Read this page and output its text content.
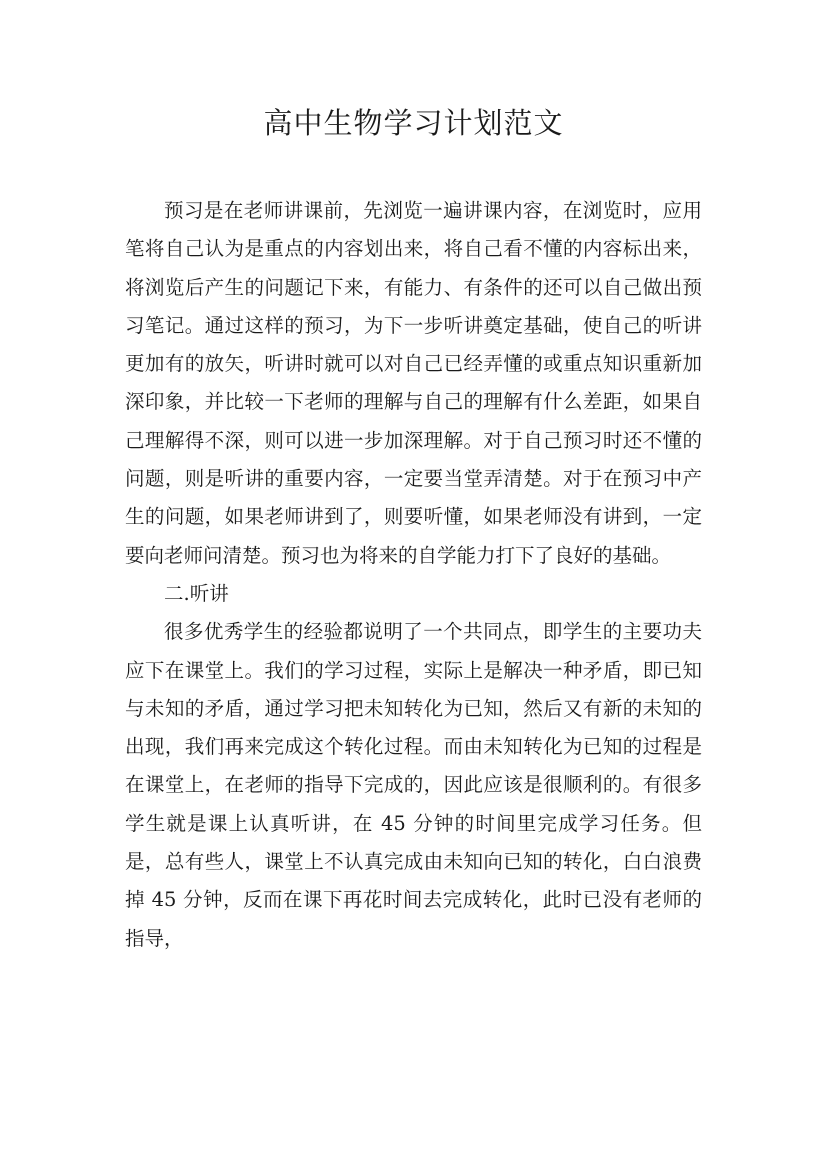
高中生物学习计划范文

预习是在老师讲课前，先浏览一遍讲课内容，在浏览时，应用笔将自己认为是重点的内容划出来，将自己看不懂的内容标出来，将浏览后产生的问题记下来，有能力、有条件的还可以自己做出预习笔记。通过这样的预习，为下一步听讲奠定基础，使自己的听讲更加有的放矢，听讲时就可以对自己已经弄懂的或重点知识重新加深印象，并比较一下老师的理解与自己的理解有什么差距，如果自己理解得不深，则可以进一步加深理解。对于自己预习时还不懂的问题，则是听讲的重要内容，一定要当堂弄清楚。对于在预习中产生的问题，如果老师讲到了，则要听懂，如果老师没有讲到，一定要向老师问清楚。预习也为将来的自学能力打下了良好的基础。

二.听讲

很多优秀学生的经验都说明了一个共同点，即学生的主要功夫应下在课堂上。我们的学习过程，实际上是解决一种矛盾，即已知与未知的矛盾，通过学习把未知转化为已知，然后又有新的未知的出现，我们再来完成这个转化过程。而由未知转化为已知的过程是在课堂上，在老师的指导下完成的，因此应该是很顺利的。有很多学生就是课上认真听讲，在 45 分钟的时间里完成学习任务。但是，总有些人，课堂上不认真完成由未知向已知的转化，白白浪费掉 45 分钟，反而在课下再花时间去完成转化，此时已没有老师的指导，
